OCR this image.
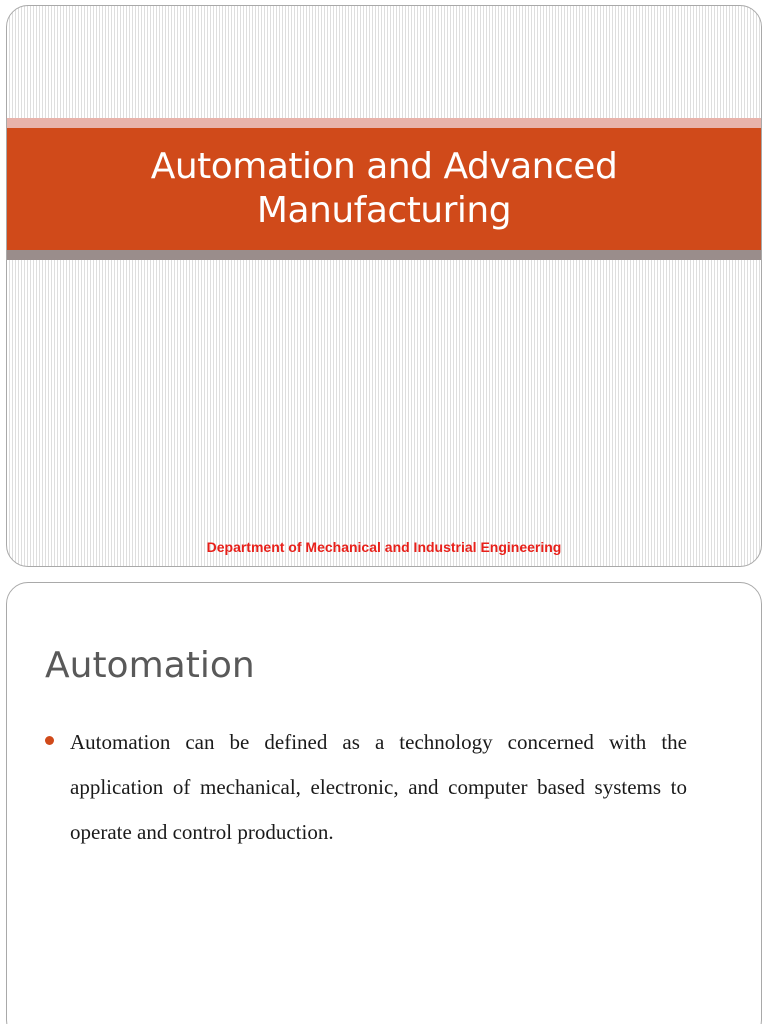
Automation and Advanced Manufacturing

Department of Mechanical and Industrial Engineering

Automation

Automation can be defined as a technology concerned with the application of mechanical, electronic, and computer based systems to operate and control production.
